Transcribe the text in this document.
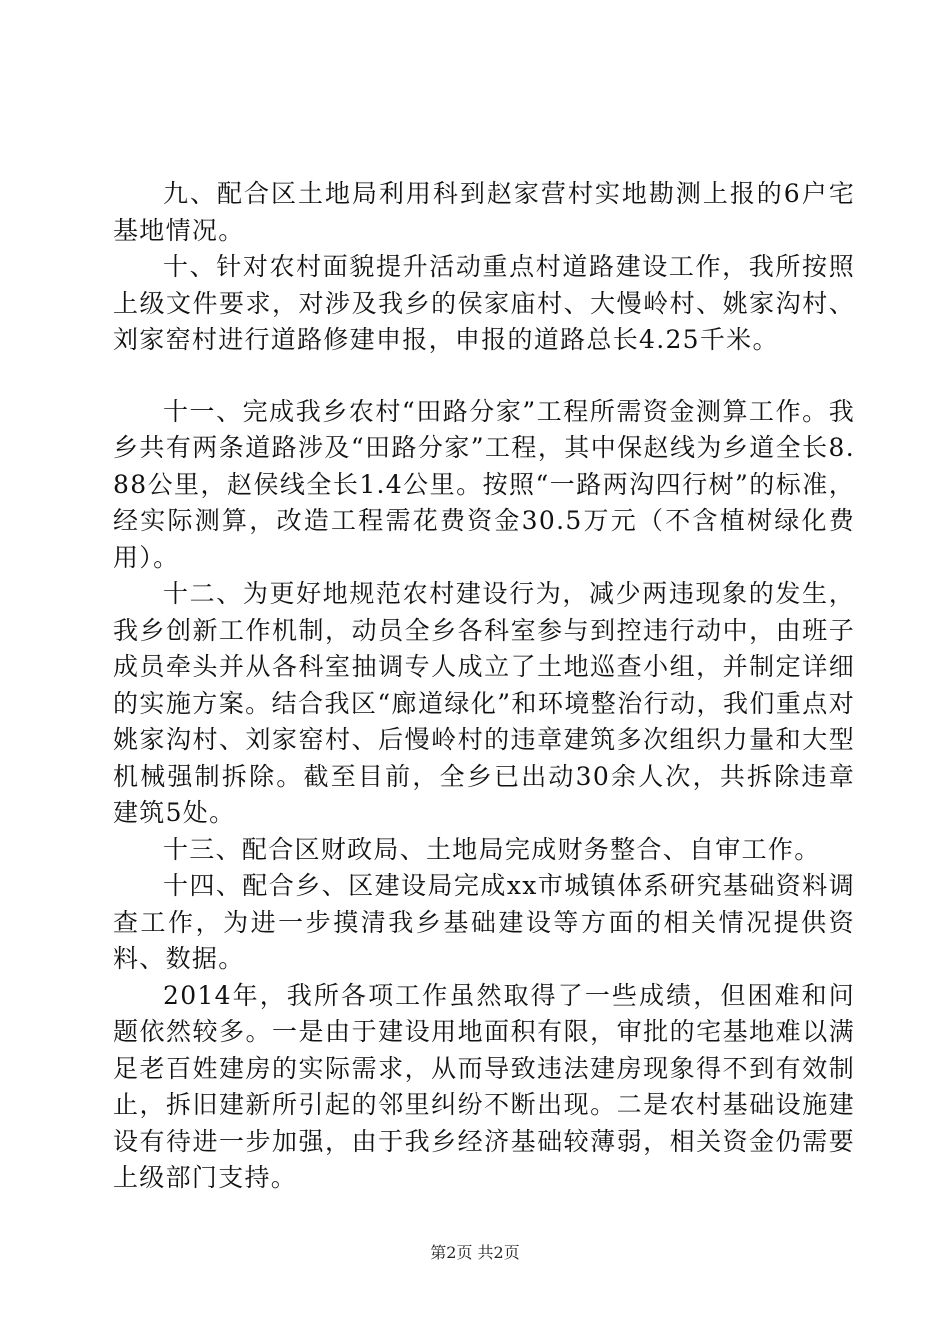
九、配合区土地局利用科到赵家营村实地勘测上报的6户宅基地情况。

十、针对农村面貌提升活动重点村道路建设工作，我所按照上级文件要求，对涉及我乡的侯家庙村、大慢岭村、姚家沟村、刘家窑村进行道路修建申报，申报的道路总长4.25千米。

十一、完成我乡农村“田路分家”工程所需资金测算工作。我乡共有两条道路涉及“田路分家”工程，其中保赵线为乡道全长8.88公里，赵侯线全长1.4公里。按照“一路两沟四行树”的标准，经实际测算，改造工程需花费资金30.5万元（不含植树绿化费用）。

十二、为更好地规范农村建设行为，减少两违现象的发生，我乡创新工作机制，动员全乡各科室参与到控违行动中，由班子成员牵头并从各科室抽调专人成立了土地巡查小组，并制定详细的实施方案。结合我区“廊道绿化”和环境整治行动，我们重点对姚家沟村、刘家窑村、后慢岭村的违章建筑多次组织力量和大型机械强制拆除。截至目前，全乡已出动30余人次，共拆除违章建筑5处。

十三、配合区财政局、土地局完成财务整合、自审工作。

十四、配合乡、区建设局完成xx市城镇体系研究基础资料调查工作，为进一步摸清我乡基础建设等方面的相关情况提供资料、数据。

2014年，我所各项工作虽然取得了一些成绩，但困难和问题依然较多。一是由于建设用地面积有限，审批的宅基地难以满足老百姓建房的实际需求，从而导致违法建房现象得不到有效制止，拆旧建新所引起的邻里纠纷不断出现。二是农村基础设施建设有待进一步加强，由于我乡经济基础较薄弱，相关资金仍需要上级部门支持。

第2页 共2页
